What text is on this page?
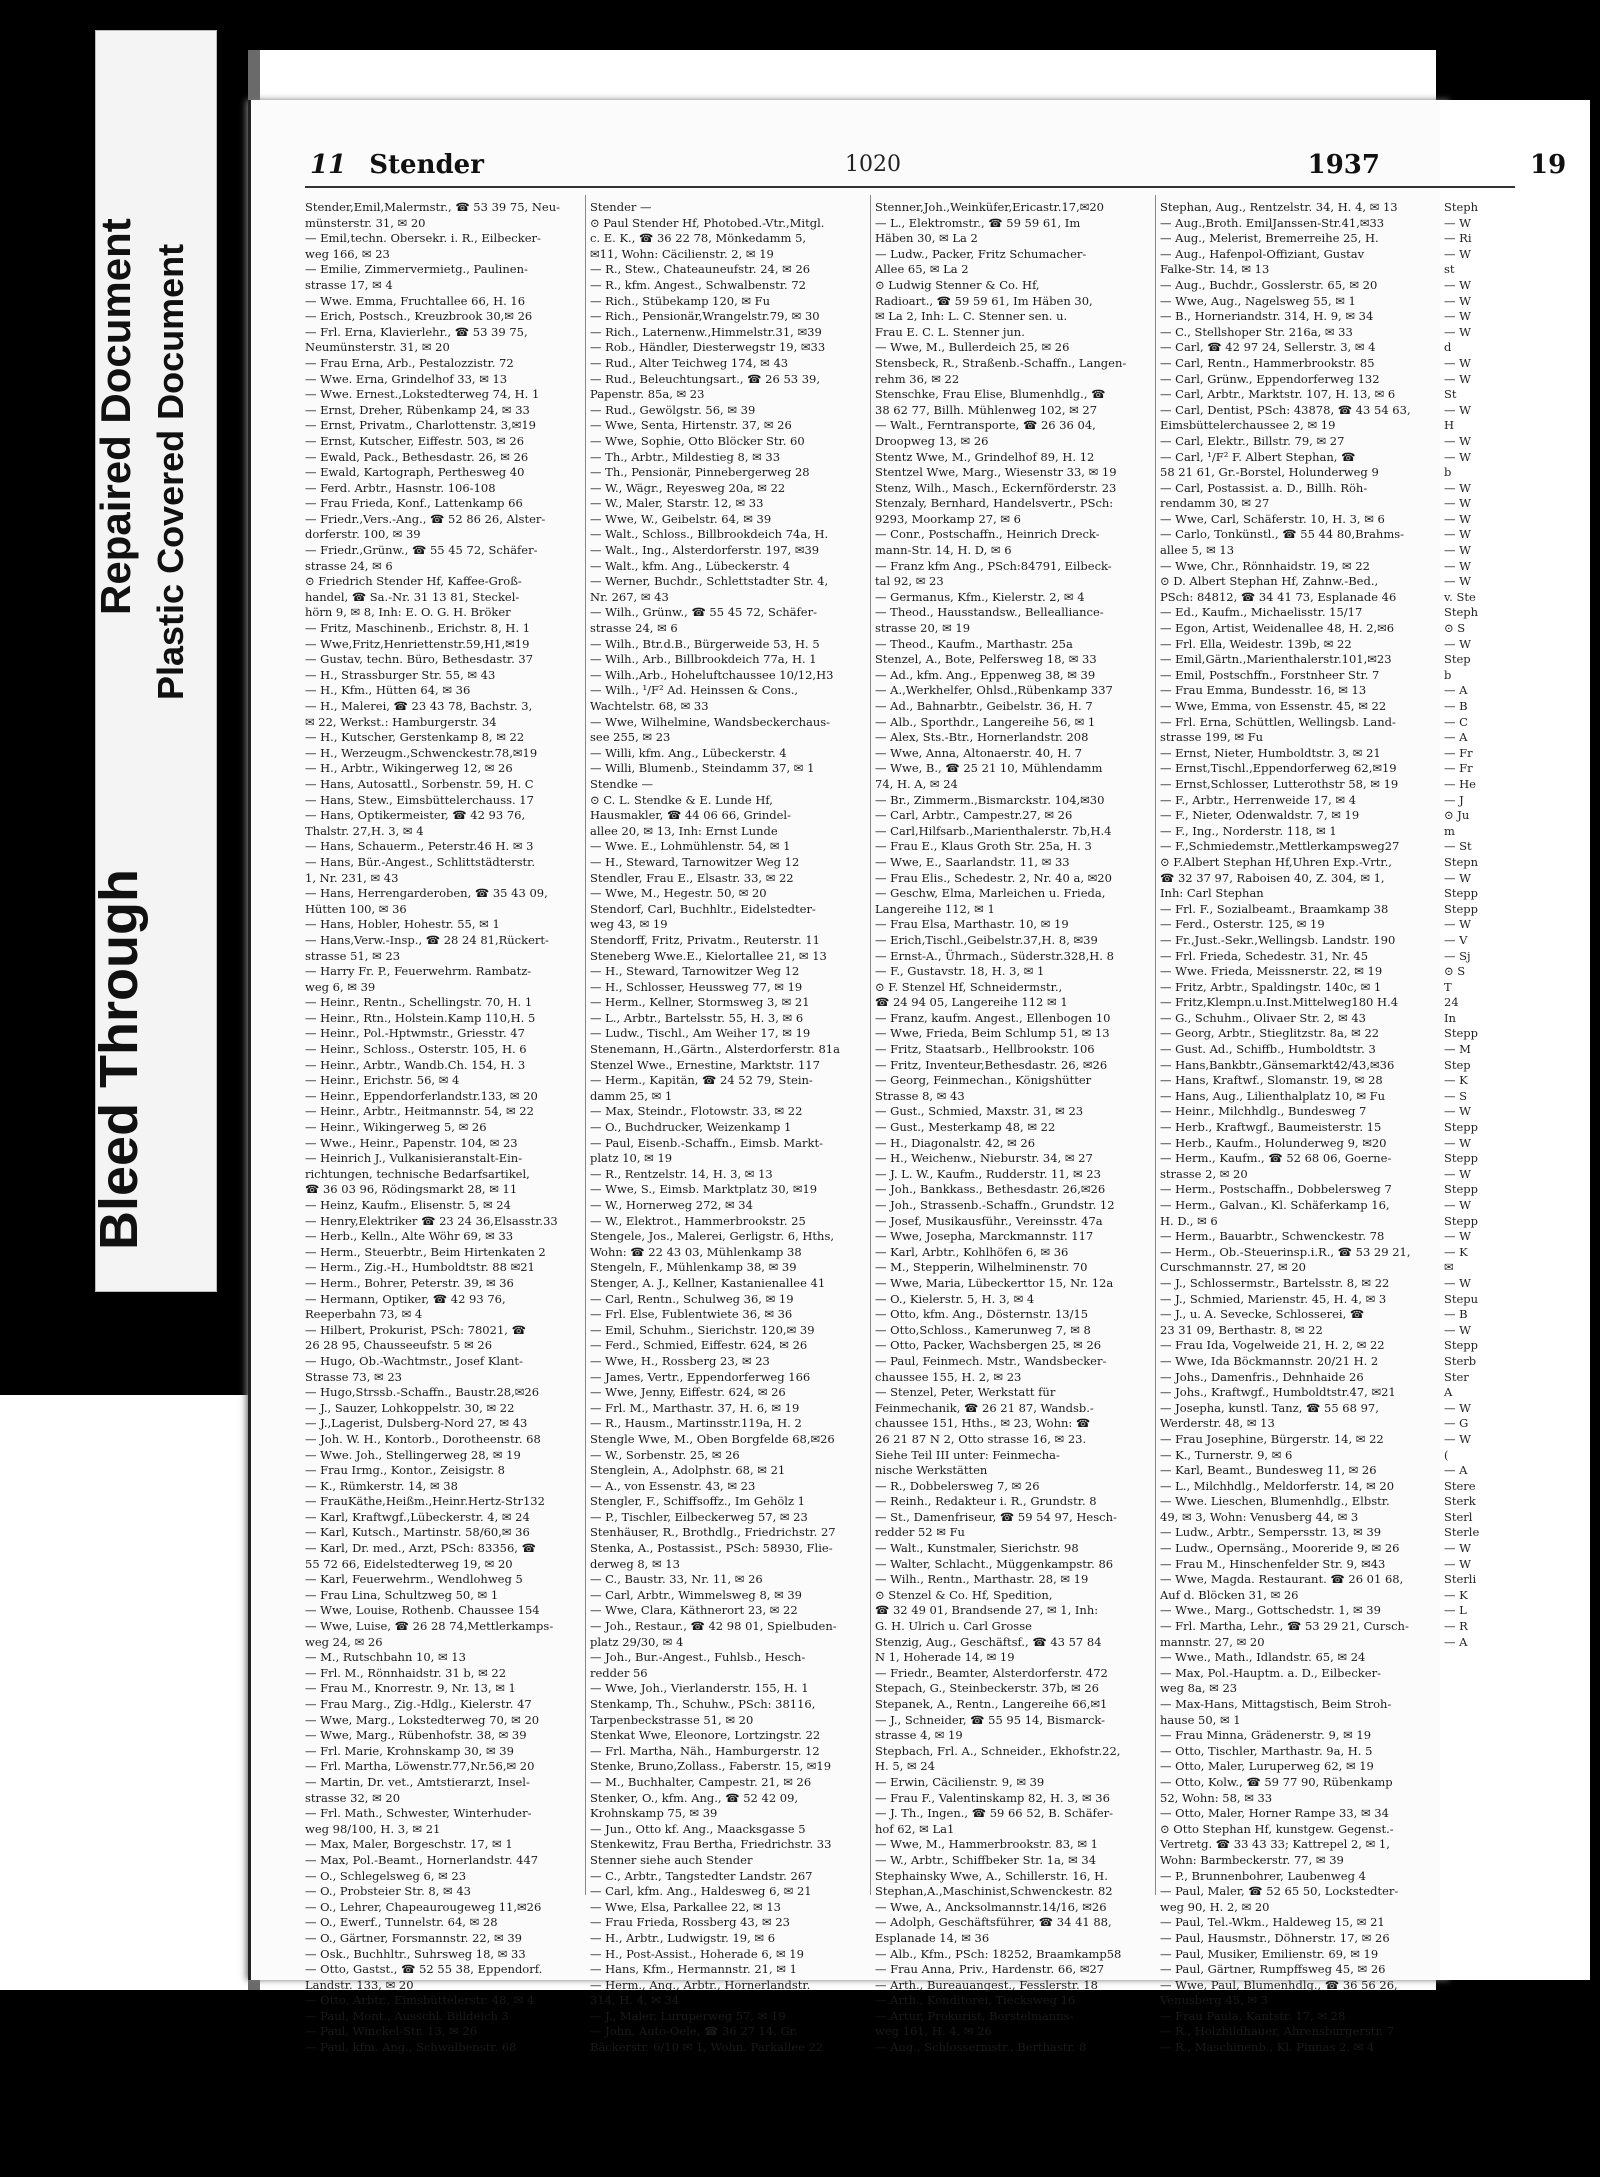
Bleed Through
Repaired Document Plastic Covered Document
11 Stender	1020	1937	19
Stender,Emil,Malermstr., ☎ 53 39 75, Neu-
münsterstr. 31, ✉ 20
— Emil,techn. Obersekr. i. R., Eilbecker-
weg 166, ✉ 23
— Emilie, Zimmervermietg., Paulinen-
strasse 17, ✉ 4
— Wwe. Emma, Fruchtallee 66, H. 16
— Erich, Postsch., Kreuzbrook 30,✉ 26
— Frl. Erna, Klavierlehr., ☎ 53 39 75,
Neumünsterstr. 31, ✉ 20
— Frau Erna, Arb., Pestalozzistr. 72
— Wwe. Erna, Grindelhof 33, ✉ 13
— Wwe. Ernest.,Lokstedterweg 74, H. 1
— Ernst, Dreher, Rübenkamp 24, ✉ 33
— Ernst, Privatm., Charlottenstr. 3,✉19
— Ernst, Kutscher, Eiffestr. 503, ✉ 26
— Ewald, Pack., Bethesdastr. 26, ✉ 26
— Ewald, Kartograph, Perthesweg 40
— Ferd. Arbtr., Hasnstr. 106-108
— Frau Frieda, Konf., Lattenkamp 66
— Friedr.,Vers.-Ang., ☎ 52 86 26, Alster-
dorferstr. 100, ✉ 39
— Friedr.,Grünw., ☎ 55 45 72, Schäfer-
strasse 24, ✉ 6
⊙ Friedrich Stender Hf, Kaffee-Groß-
handel, ☎ Sa.-Nr. 31 13 81, Steckel-
hörn 9, ✉ 8, Inh: E. O. G. H. Bröker
— Fritz, Maschinenb., Erichstr. 8, H. 1
— Wwe,Fritz,Henriettenstr.59,H1,✉19
— Gustav, techn. Büro, Bethesdastr. 37
— H., Strassburger Str. 55, ✉ 43
— H., Kfm., Hütten 64, ✉ 36
— H., Malerei, ☎ 23 43 78, Bachstr. 3,
✉ 22, Werkst.: Hamburgerstr. 34
— H., Kutscher, Gerstenkamp 8, ✉ 22
— H., Werzeugm.,Schwenckestr.78,✉19
— H., Arbtr., Wikingerweg 12, ✉ 26
— Hans, Autosattl., Sorbenstr. 59, H. C
— Hans, Stew., Eimsbüttelerchauss. 17
— Hans, Optikermeister, ☎ 42 93 76,
Thalstr. 27,H. 3, ✉ 4
— Hans, Schauerm., Peterstr.46 H. ✉ 3
— Hans, Bür.-Angest., Schlittstädterstr.
1, Nr. 231, ✉ 43
— Hans, Herrengarderoben, ☎ 35 43 09,
Hütten 100, ✉ 36
— Hans, Hobler, Hohestr. 55, ✉ 1
— Hans,Verw.-Insp., ☎ 28 24 81,Rückert-
strasse 51, ✉ 23
— Harry Fr. P., Feuerwehrm. Rambatz-
weg 6, ✉ 39
— Heinr., Rentn., Schellingstr. 70, H. 1
— Heinr., Rtn., Holstein.Kamp 110,H. 5
— Heinr., Pol.-Hptwmstr., Griesstr. 47
— Heinr., Schloss., Osterstr. 105, H. 6
— Heinr., Arbtr., Wandb.Ch. 154, H. 3
— Heinr., Erichstr. 56, ✉ 4
— Heinr., Eppendorferlandstr.133, ✉ 20
— Heinr., Arbtr., Heitmannstr. 54, ✉ 22
— Heinr., Wikingerweg 5, ✉ 26
— Wwe., Heinr., Papenstr. 104, ✉ 23
— Heinrich J., Vulkanisieranstalt-Ein-
richtungen, technische Bedarfsartikel,
☎ 36 03 96, Rödingsmarkt 28, ✉ 11
— Heinz, Kaufm., Elisenstr. 5, ✉ 24
— Henry,Elektriker ☎ 23 24 36,Elsasstr.33
— Herb., Kelln., Alte Wöhr 69, ✉ 33
— Herm., Steuerbtr., Beim Hirtenkaten 2
— Herm., Zig.-H., Humboldtstr. 88 ✉21
— Herm., Bohrer, Peterstr. 39, ✉ 36
— Hermann, Optiker, ☎ 42 93 76,
Reeperbahn 73, ✉ 4
— Hilbert, Prokurist, PSch: 78021, ☎
26 28 95, Chausseeufstr. 5 ✉ 26
— Hugo, Ob.-Wachtmstr., Josef Klant-
Strasse 73, ✉ 23
— Hugo,Strssb.-Schaffn., Baustr.28,✉26
— J., Sauzer, Lohkoppelstr. 30, ✉ 22
— J.,Lagerist, Dulsberg-Nord 27, ✉ 43
— Joh. W. H., Kontorb., Dorotheenstr. 68
— Wwe. Joh., Stellingerweg 28, ✉ 19
— Frau Irmg., Kontor., Zeisigstr. 8
— K., Rümkerstr. 14, ✉ 38
— FrauKäthe,Heißm.,Heinr.Hertz-Str132
— Karl, Kraftwgf.,Lübeckerstr. 4, ✉ 24
— Karl, Kutsch., Martinstr. 58/60,✉ 36
— Karl, Dr. med., Arzt, PSch: 83356, ☎
55 72 66, Eidelstedterweg 19, ✉ 20
— Karl, Feuerwehrm., Wendlohweg 5
— Frau Lina, Schultzweg 50, ✉ 1
— Wwe, Louise, Rothenb. Chaussee 154
— Wwe, Luise, ☎ 26 28 74,Mettlerkamps-
weg 24, ✉ 26
— M., Rutschbahn 10, ✉ 13
— Frl. M., Rönnhaidstr. 31 b, ✉ 22
— Frau M., Knorrestr. 9, Nr. 13, ✉ 1
— Frau Marg., Zig.-Hdlg., Kielerstr. 47
— Wwe, Marg., Lokstedterweg 70, ✉ 20
— Wwe, Marg., Rübenhofstr. 38, ✉ 39
— Frl. Marie, Krohnskamp 30, ✉ 39
— Frl. Martha, Löwenstr.77,Nr.56,✉ 20
— Martin, Dr. vet., Amtstierarzt, Insel-
strasse 32, ✉ 20
— Frl. Math., Schwester, Winterhuder-
weg 98/100, H. 3, ✉ 21
— Max, Maler, Borgeschstr. 17, ✉ 1
— Max, Pol.-Beamt., Hornerlandstr. 447
— O., Schlegelsweg 6, ✉ 23
— O., Probsteier Str. 8, ✉ 43
— O., Lehrer, Chapeaurougeweg 11,✉26
— O., Ewerf., Tunnelstr. 64, ✉ 28
— O., Gärtner, Forsmannstr. 22, ✉ 39
— Osk., Buchhltr., Suhrsweg 18, ✉ 33
— Otto, Gastst., ☎ 52 55 38, Eppendorf.
Landstr. 133, ✉ 20
— Otto, Arbtr., Eimsbüttelerstr. 48, ✉ 4
— Paul, Mont., Ausschl. Billdeich 3
— Paul, Winckel-Str. 13, ✉ 26
— Paul, kfm. Ang., Schwalbenstr. 68
Stender —
⊙ Paul Stender Hf, Photobed.-Vtr.,Mitgl.
c. E. K., ☎ 36 22 78, Mönkedamm 5,
✉11, Wohn: Cäcilienstr. 2, ✉ 19
— R., Stew., Chateauneufstr. 24, ✉ 26
— R., kfm. Angest., Schwalbenstr. 72
— Rich., Stübekamp 120, ✉ Fu
— Rich., Pensionär,Wrangelstr.79, ✉ 30
— Rich., Laternenw.,Himmelstr.31, ✉39
— Rob., Händler, Diesterwegstr 19, ✉33
— Rud., Alter Teichweg 174, ✉ 43
— Rud., Beleuchtungsart., ☎ 26 53 39,
Papenstr. 85a, ✉ 23
— Rud., Gewölgstr. 56, ✉ 39
— Wwe, Senta, Hirtenstr. 37, ✉ 26
— Wwe, Sophie, Otto Blöcker Str. 60
— Th., Arbtr., Mildestieg 8, ✉ 33
— Th., Pensionär, Pinnebergerweg 28
— W., Wägr., Reyesweg 20a, ✉ 22
— W., Maler, Starstr. 12, ✉ 33
— Wwe, W., Geibelstr. 64, ✉ 39
— Walt., Schloss., Billbrookdeich 74a, H.
— Walt., Ing., Alsterdorferstr. 197, ✉39
— Walt., kfm. Ang., Lübeckerstr. 4
— Werner, Buchdr., Schlettstadter Str. 4,
Nr. 267, ✉ 43
— Wilh., Grünw., ☎ 55 45 72, Schäfer-
strasse 24, ✉ 6
— Wilh., Btr.d.B., Bürgerweide 53, H. 5
— Wilh., Arb., Billbrookdeich 77a, H. 1
— Wilh.,Arb., Hoheluftchaussee 10/12,H3
— Wilh., ¹/F² Ad. Heinssen & Cons.,
Wachtelstr. 68, ✉ 33
— Wwe, Wilhelmine, Wandsbeckerchaus-
see 255, ✉ 23
— Willi, kfm. Ang., Lübeckerstr. 4
— Willi, Blumenb., Steindamm 37, ✉ 1
Stendke —
⊙ C. L. Stendke & E. Lunde Hf,
Hausmakler, ☎ 44 06 66, Grindel-
allee 20, ✉ 13, Inh: Ernst Lunde
— Wwe. E., Lohmühlenstr. 54, ✉ 1
— H., Steward, Tarnowitzer Weg 12
Stendler, Frau E., Elsastr. 33, ✉ 22
— Wwe, M., Hegestr. 50, ✉ 20
Stendorf, Carl, Buchhltr., Eidelstedter-
weg 43, ✉ 19
Stendorff, Fritz, Privatm., Reuterstr. 11
Steneberg Wwe.E., Kielortallee 21, ✉ 13
— H., Steward, Tarnowitzer Weg 12
— H., Schlosser, Heussweg 77, ✉ 19
— Herm., Kellner, Stormsweg 3, ✉ 21
— L., Arbtr., Bartelsstr. 55, H. 3, ✉ 6
— Ludw., Tischl., Am Weiher 17, ✉ 19
Stenemann, H.,Gärtn., Alsterdorferstr. 81a
Stenzel Wwe., Ernestine, Marktstr. 117
— Herm., Kapitän, ☎ 24 52 79, Stein-
damm 25, ✉ 1
— Max, Steindr., Flotowstr. 33, ✉ 22
— O., Buchdrucker, Weizenkamp 1
— Paul, Eisenb.-Schaffn., Eimsb. Markt-
platz 10, ✉ 19
— R., Rentzelstr. 14, H. 3, ✉ 13
— Wwe, S., Eimsb. Marktplatz 30, ✉19
— W., Hornerweg 272, ✉ 34
— W., Elektrot., Hammerbrookstr. 25
Stengele, Jos., Malerei, Gerligstr. 6, Hths,
Wohn: ☎ 22 43 03, Mühlenkamp 38
Stengeln, F., Mühlenkamp 38, ✉ 39
Stenger, A. J., Kellner, Kastanienallee 41
— Carl, Rentn., Schulweg 36, ✉ 19
— Frl. Else, Fublentwiete 36, ✉ 36
— Emil, Schuhm., Sierichstr. 120,✉ 39
— Ferd., Schmied, Eiffestr. 624, ✉ 26
— Wwe, H., Rossberg 23, ✉ 23
— James, Vertr., Eppendorferweg 166
— Wwe, Jenny, Eiffestr. 624, ✉ 26
— Frl. M., Marthastr. 37, H. 6, ✉ 19
— R., Hausm., Martinsstr.119a, H. 2
Stengle Wwe, M., Oben Borgfelde 68,✉26
— W., Sorbenstr. 25, ✉ 26
Stenglein, A., Adolphstr. 68, ✉ 21
— A., von Essenstr. 43, ✉ 23
Stengler, F., Schiffsoffz., Im Gehölz 1
— P., Tischler, Eilbeckerweg 57, ✉ 23
Stenhäuser, R., Brothdlg., Friedrichstr. 27
Stenka, A., Postassist., PSch: 58930, Flie-
derweg 8, ✉ 13
— C., Baustr. 33, Nr. 11, ✉ 26
— Carl, Arbtr., Wimmelsweg 8, ✉ 39
— Wwe, Clara, Käthnerort 23, ✉ 22
— Joh., Restaur., ☎ 42 98 01, Spielbuden-
platz 29/30, ✉ 4
— Joh., Bur.-Angest., Fuhlsb., Hesch-
redder 56
— Wwe, Joh., Vierlanderstr. 155, H. 1
Stenkamp, Th., Schuhw., PSch: 38116,
Tarpenbeckstrasse 51, ✉ 20
Stenkat Wwe, Eleonore, Lortzingstr. 22
— Frl. Martha, Näh., Hamburgerstr. 12
Stenke, Bruno,Zollass., Faberstr. 15, ✉19
— M., Buchhalter, Campestr. 21, ✉ 26
Stenker, O., kfm. Ang., ☎ 52 42 09,
Krohnskamp 75, ✉ 39
— Jun., Otto kf. Ang., Maacksgasse 5
Stenkewitz, Frau Bertha, Friedrichstr. 33
Stenner siehe auch Stender
— C., Arbtr., Tangstedter Landstr. 267
— Carl, kfm. Ang., Haldesweg 6, ✉ 21
— Wwe, Elsa, Parkallee 22, ✉ 13
— Frau Frieda, Rossberg 43, ✉ 23
— H., Arbtr., Ludwigstr. 19, ✉ 6
— H., Post-Assist., Hoherade 6, ✉ 19
— Hans, Kfm., Hermannstr. 21, ✉ 1
— Herm., Ang., Arbtr., Hornerlandstr.
314, H. 4, ✉ 34
— J., Maler, Luruperweg 57, ✉ 19
— John, Auto-Oele, ☎ 36 27 14, Gr.
Bäckerstr. 6/10 ✉ 1, Wohn. Parkallee 22
Stenner,Joh.,Weinküfer,Ericastr.17,✉20
— L., Elektromstr., ☎ 59 59 61, Im
Häben 30, ✉ La 2
— Ludw., Packer, Fritz Schumacher-
Allee 65, ✉ La 2
⊙ Ludwig Stenner & Co. Hf,
Radioart., ☎ 59 59 61, Im Häben 30,
✉ La 2, Inh: L. C. Stenner sen. u.
Frau E. C. L. Stenner jun.
— Wwe, M., Bullerdeich 25, ✉ 26
Stensbeck, R., Straßenb.-Schaffn., Langen-
rehm 36, ✉ 22
Stenschke, Frau Elise, Blumenhdlg., ☎
38 62 77, Billh. Mühlenweg 102, ✉ 27
— Walt., Ferntransporte, ☎ 26 36 04,
Droopweg 13, ✉ 26
Stentz Wwe, M., Grindelhof 89, H. 12
Stentzel Wwe, Marg., Wiesenstr 33, ✉ 19
Stenz, Wilh., Masch., Eckernförderstr. 23
Stenzaly, Bernhard, Handelsvertr., PSch:
9293, Moorkamp 27, ✉ 6
— Conr., Postschaffn., Heinrich Dreck-
mann-Str. 14, H. D, ✉ 6
— Franz kfm Ang., PSch:84791, Eilbeck-
tal 92, ✉ 23
— Germanus, Kfm., Kielerstr. 2, ✉ 4
— Theod., Hausstandsw., Bellealliance-
strasse 20, ✉ 19
— Theod., Kaufm., Marthastr. 25a
Stenzel, A., Bote, Pelfersweg 18, ✉ 33
— Ad., kfm. Ang., Eppenweg 38, ✉ 39
— A.,Werkhelfer, Ohlsd.,Rübenkamp 337
— Ad., Bahnarbtr., Geibelstr. 36, H. 7
— Alb., Sporthdr., Langereihe 56, ✉ 1
— Alex, Sts.-Btr., Hornerlandstr. 208
— Wwe, Anna, Altonaerstr. 40, H. 7
— Wwe, B., ☎ 25 21 10, Mühlendamm
74, H. A, ✉ 24
— Br., Zimmerm.,Bismarckstr. 104,✉30
— Carl, Arbtr., Campestr.27, ✉ 26
— Carl,Hilfsarb.,Marienthalerstr. 7b,H.4
— Frau E., Klaus Groth Str. 25a, H. 3
— Wwe, E., Saarlandstr. 11, ✉ 33
— Frau Elis., Schedestr. 2, Nr. 40 a, ✉20
— Geschw, Elma, Marleichen u. Frieda,
Langereihe 112, ✉ 1
— Frau Elsa, Marthastr. 10, ✉ 19
— Erich,Tischl.,Geibelstr.37,H. 8, ✉39
— Ernst-A., Ührmach., Süderstr.328,H. 8
— F., Gustavstr. 18, H. 3, ✉ 1
⊙ F. Stenzel Hf, Schneidermstr.,
☎ 24 94 05, Langereihe 112 ✉ 1
— Franz, kaufm. Angest., Ellenbogen 10
— Wwe, Frieda, Beim Schlump 51, ✉ 13
— Fritz, Staatsarb., Hellbrookstr. 106
— Fritz, Inventeur,Bethesdastr. 26, ✉26
— Georg, Feinmechan., Königshütter
Strasse 8, ✉ 43
— Gust., Schmied, Maxstr. 31, ✉ 23
— Gust., Mesterkamp 48, ✉ 22
— H., Diagonalstr. 42, ✉ 26
— H., Weichenw., Nieburstr. 34, ✉ 27
— J. L. W., Kaufm., Rudderstr. 11, ✉ 23
— Joh., Bankkass., Bethesdastr. 26,✉26
— Joh., Strassenb.-Schaffn., Grundstr. 12
— Josef, Musikausführ., Vereinsstr. 47a
— Wwe, Josepha, Marckmannstr. 117
— Karl, Arbtr., Kohlhöfen 6, ✉ 36
— M., Stepperin, Wilhelminenstr. 70
— Wwe, Maria, Lübeckerttor 15, Nr. 12a
— O., Kielerstr. 5, H. 3, ✉ 4
— Otto, kfm. Ang., Dösternstr. 13/15
— Otto,Schloss., Kamerunweg 7, ✉ 8
— Otto, Packer, Wachsbergen 25, ✉ 26
— Paul, Feinmech. Mstr., Wandsbecker-
chaussee 155, H. 2, ✉ 23
— Stenzel, Peter, Werkstatt für
Feinmechanik, ☎ 26 21 87, Wandsb.-
chaussee 151, Hths., ✉ 23, Wohn: ☎
26 21 87 N 2, Otto strasse 16, ✉ 23.
Siehe Teil III unter: Feinmecha-
nische Werkstätten
— R., Dobbelersweg 7, ✉ 26
— Reinh., Redakteur i. R., Grundstr. 8
— St., Damenfriseur, ☎ 59 54 97, Hesch-
redder 52 ✉ Fu
— Walt., Kunstmaler, Sierichstr. 98
— Walter, Schlacht., Müggenkampstr. 86
— Wilh., Rentn., Marthastr. 28, ✉ 19
⊙ Stenzel & Co. Hf, Spedition,
☎ 32 49 01, Brandsende 27, ✉ 1, Inh:
G. H. Ulrich u. Carl Grosse
Stenzig, Aug., Geschäftsf., ☎ 43 57 84
N 1, Hoherade 14, ✉ 19
— Friedr., Beamter, Alsterdorferstr. 472
Stepach, G., Steinbeckerstr. 37b, ✉ 26
Stepanek, A., Rentn., Langereihe 66,✉1
— J., Schneider, ☎ 55 95 14, Bismarck-
strasse 4, ✉ 19
Stepbach, Frl. A., Schneider., Ekhofstr.22,
H. 5, ✉ 24
— Erwin, Cäcilienstr. 9, ✉ 39
— Frau F., Valentinskamp 82, H. 3, ✉ 36
— J. Th., Ingen., ☎ 59 66 52, B. Schäfer-
hof 62, ✉ La1
— Wwe, M., Hammerbrookstr. 83, ✉ 1
— W., Arbtr., Schiffbeker Str. 1a, ✉ 34
Stephainsky Wwe, A., Schillerstr. 16, H.
Stephan,A.,Maschinist,Schwenckestr. 82
— Wwe, A., Ancksolmannstr.14/16, ✉26
— Adolph, Geschäftsführer, ☎ 34 41 88,
Esplanade 14, ✉ 36
— Alb., Kfm., PSch: 18252, Braamkamp58
— Frau Anna, Priv., Hardenstr. 66, ✉27
— Arth., Bureauangest., Fesslerstr. 18
— Arth., Konditorei, Tiecksweg 16
— Artur, Prokurist, Borstelmanns-
weg 161, H. 4, ✉ 26
— Aug., Schlossermstr., Berthastr. 8
Stephan, Aug., Rentzelstr. 34, H. 4, ✉ 13
— Aug.,Broth. EmilJanssen-Str.41,✉33
— Aug., Melerist, Bremerreihe 25, H.
— Aug., Hafenpol-Offiziant, Gustav
Falke-Str. 14, ✉ 13
— Aug., Buchdr., Gosslerstr. 65, ✉ 20
— Wwe, Aug., Nagelsweg 55, ✉ 1
— B., Horneriandstr. 314, H. 9, ✉ 34
— C., Stellshoper Str. 216a, ✉ 33
— Carl, ☎ 42 97 24, Sellerstr. 3, ✉ 4
— Carl, Rentn., Hammerbrookstr. 85
— Carl, Grünw., Eppendorferweg 132
— Carl, Arbtr., Marktstr. 107, H. 13, ✉ 6
— Carl, Dentist, PSch: 43878, ☎ 43 54 63,
Eimsbüttelerchaussee 2, ✉ 19
— Carl, Elektr., Billstr. 79, ✉ 27
— Carl, ¹/F² F. Albert Stephan, ☎
58 21 61, Gr.-Borstel, Holunderweg 9
— Carl, Postassist. a. D., Billh. Röh-
rendamm 30, ✉ 27
— Wwe, Carl, Schäferstr. 10, H. 3, ✉ 6
— Carlo, Tonkünstl., ☎ 55 44 80,Brahms-
allee 5, ✉ 13
— Wwe, Chr., Rönnhaidstr. 19, ✉ 22
⊙ D. Albert Stephan Hf, Zahnw.-Bed.,
PSch: 84812, ☎ 34 41 73, Esplanade 46
— Ed., Kaufm., Michaelisstr. 15/17
— Egon, Artist, Weidenallee 48, H. 2,✉6
— Frl. Ella, Weidestr. 139b, ✉ 22
— Emil,Gärtn.,Marienthalerstr.101,✉23
— Emil, Postschffn., Forstnheer Str. 7
— Frau Emma, Bundesstr. 16, ✉ 13
— Wwe, Emma, von Essenstr. 45, ✉ 22
— Frl. Erna, Schüttlen, Wellingsb. Land-
strasse 199, ✉ Fu
— Ernst, Nieter, Humboldtstr. 3, ✉ 21
— Ernst,Tischl.,Eppendorferweg 62,✉19
— Ernst,Schlosser, Lutterothstr 58, ✉ 19
— F., Arbtr., Herrenweide 17, ✉ 4
— F., Nieter, Odenwaldstr. 7, ✉ 19
— F., Ing., Norderstr. 118, ✉ 1
— F.,Schmiedemstr.,Mettlerkampsweg27
⊙ F.Albert Stephan Hf,Uhren Exp.-Vrtr.,
☎ 32 37 97, Raboisen 40, Z. 304, ✉ 1,
Inh: Carl Stephan
— Frl. F., Sozialbeamt., Braamkamp 38
— Ferd., Osterstr. 125, ✉ 19
— Fr.,Just.-Sekr.,Wellingsb. Landstr. 190
— Frl. Frieda, Schedestr. 31, Nr. 45
— Wwe. Frieda, Meissnerstr. 22, ✉ 19
— Fritz, Arbtr., Spaldingstr. 140c, ✉ 1
— Fritz,Klempn.u.Inst.Mittelweg180 H.4
— G., Schuhm., Olivaer Str. 2, ✉ 43
— Georg, Arbtr., Stieglitzstr. 8a, ✉ 22
— Gust. Ad., Schiffb., Humboldtstr. 3
— Hans,Bankbtr.,Gänsemarkt42/43,✉36
— Hans, Kraftwf., Slomanstr. 19, ✉ 28
— Hans, Aug., Lilienthalplatz 10, ✉ Fu
— Heinr., Milchhdlg., Bundesweg 7
— Herb., Kraftwgf., Baumeisterstr. 15
— Herb., Kaufm., Holunderweg 9, ✉20
— Herm., Kaufm., ☎ 52 68 06, Goerne-
strasse 2, ✉ 20
— Herm., Postschaffn., Dobbelersweg 7
— Herm., Galvan., Kl. Schäferkamp 16,
H. D., ✉ 6
— Herm., Bauarbtr., Schwenckestr. 78
— Herm., Ob.-Steuerinsp.i.R., ☎ 53 29 21,
Curschmannstr. 27, ✉ 20
— J., Schlossermstr., Bartelsstr. 8, ✉ 22
— J., Schmied, Marienstr. 45, H. 4, ✉ 3
— J., u. A. Sevecke, Schlosserei, ☎
23 31 09, Berthastr. 8, ✉ 22
— Frau Ida, Vogelweide 21, H. 2, ✉ 22
— Wwe, Ida Böckmannstr. 20/21 H. 2
— Johs., Damenfris., Dehnhaide 26
— Johs., Kraftwgf., Humboldtstr.47, ✉21
— Josepha, kunstl. Tanz, ☎ 55 68 97,
Werderstr. 48, ✉ 13
— Frau Josephine, Bürgerstr. 14, ✉ 22
— K., Turnerstr. 9, ✉ 6
— Karl, Beamt., Bundesweg 11, ✉ 26
— L., Milchhdlg., Meldorferstr. 14, ✉ 20
— Wwe. Lieschen, Blumenhdlg., Elbstr.
49, ✉ 3, Wohn: Venusberg 44, ✉ 3
— Ludw., Arbtr., Sempersstr. 13, ✉ 39
— Ludw., Opernsäng., Mooreride 9, ✉ 26
— Frau M., Hinschenfelder Str. 9, ✉43
— Wwe, Magda. Restaurant. ☎ 26 01 68,
Auf d. Blöcken 31, ✉ 26
— Wwe., Marg., Gottschedstr. 1, ✉ 39
— Frl. Martha, Lehr., ☎ 53 29 21, Cursch-
mannstr. 27, ✉ 20
— Wwe., Math., Idlandstr. 65, ✉ 24
— Max, Pol.-Hauptm. a. D., Eilbecker-
weg 8a, ✉ 23
— Max-Hans, Mittagstisch, Beim Stroh-
hause 50, ✉ 1
— Frau Minna, Grädenerstr. 9, ✉ 19
— Otto, Tischler, Marthastr. 9a, H. 5
— Otto, Maler, Luruperweg 62, ✉ 19
— Otto, Kolw., ☎ 59 77 90, Rübenkamp
52, Wohn: 58, ✉ 33
— Otto, Maler, Horner Rampe 33, ✉ 34
⊙ Otto Stephan Hf, kunstgew. Gegenst.-
Vertretg. ☎ 33 43 33; Kattrepel 2, ✉ 1,
Wohn: Barmbeckerstr. 77, ✉ 39
— P., Brunnenbohrer, Laubenweg 4
— Paul, Maler, ☎ 52 65 50, Lockstedter-
weg 90, H. 2, ✉ 20
— Paul, Tel.-Wkm., Haldeweg 15, ✉ 21
— Paul, Hausmstr., Döhnerstr. 17, ✉ 26
— Paul, Musiker, Emilienstr. 69, ✉ 19
— Paul, Gärtner, Rumpffsweg 45, ✉ 26
— Wwe, Paul, Blumenhdlg., ☎ 36 56 26,
Venusberg 45, ✉ 3
— Frau Paula, Kantstr. 17, ✉ 28
— R., Holzbildhauer, Ahrensburgerstr. 7
— R., Maschinenb., Kl. Pinnas 2, ✉ 4
Steph
— W
— Ri
— W
st
— W
— W
— W
— W
d
— W
— W
St
— W
H
— W
— W
b
— W
— W
— W
— W
— W
— W
— W
v. Ste
Steph
⊙ S
— W
Step
b
— A
— B
— C
— A
— Fr
— Fr
— He
— J
⊙ Ju
m
— St
Stepn
— W
Stepp
Stepp
— W
— V
— Sj
⊙ S
T
24
In
Stepp
— M
Step
— K
— S
— W
Stepp
— W
Stepp
— W
Stepp
— W
Stepp
— W
— K
✉
— W
Stepu
— B
— W
Stepp
Sterb
Ster
A
— W
— G
— W
(
— A
Stere
Sterk
Sterl
Sterle
— W
— W
Sterli
— K
— L
— R
— A
